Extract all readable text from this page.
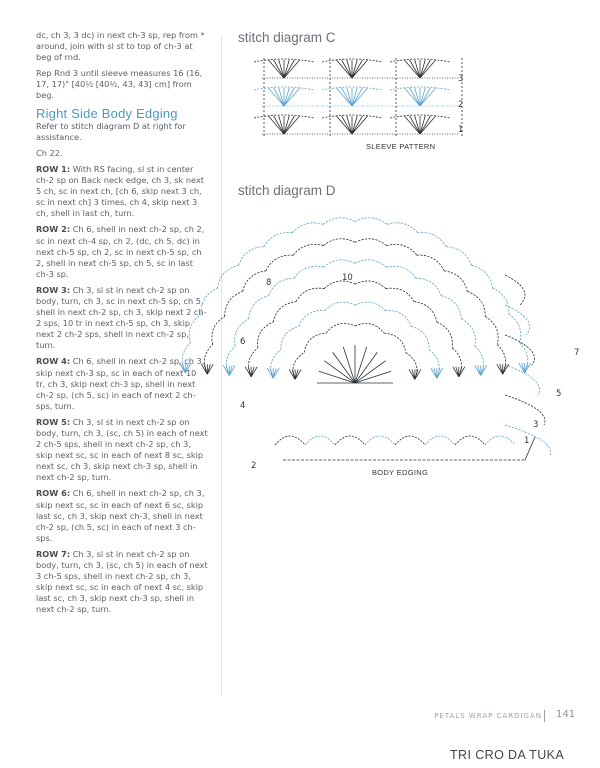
dc, ch 3, 3 dc) in next ch-3 sp, rep from * around, join with sl st to top of ch-3 at beg of rnd.

Rep Rnd 3 until sleeve measures 16 (16, 17, 17)" [40½ [40½, 43, 43] cm] from beg.

Right Side Body Edging

Refer to stitch diagram D at right for assistance.

Ch 22.

ROW 1: With RS facing, sl st in center ch-2 sp on Back neck edge, ch 3, sk next 5 ch, sc in next ch, [ch 6, skip next 3 ch, sc in next ch] 3 times, ch 4, skip next 3 ch, shell in last ch, turn.

ROW 2: Ch 6, shell in next ch-2 sp, ch 2, sc in next ch-4 sp, ch 2, (dc, ch 5, dc) in next ch-5 sp, ch 2, sc in next ch-5 sp, ch 2, shell in next ch-5 sp, ch 5, sc in last ch-3 sp.

ROW 3: Ch 3, sl st in next ch-2 sp on body, turn, ch 3, sc in next ch-5 sp, ch 5, shell in next ch-2 sp, ch 3, skip next 2 ch-2 sps, 10 tr in next ch-5 sp, ch 3, skip next 2 ch-2 sps, shell in next ch-2 sp, turn.

ROW 4: Ch 6, shell in next ch-2 sp, ch 3, skip next ch-3 sp, sc in each of next 10 tr, ch 3, skip next ch-3 sp, shell in next ch-2 sp, (ch 5, sc) in each of next 2 ch-sps, turn.

ROW 5: Ch 3, sl st in next ch-2 sp on body, turn, ch 3, (sc, ch 5) in each of next 2 ch-5 sps, shell in next ch-2 sp, ch 3, skip next sc, sc in each of next 8 sc, skip next sc, ch 3, skip next ch-3 sp, shell in next ch-2 sp, turn.

ROW 6: Ch 6, shell in next ch-2 sp, ch 3, skip next sc, sc in each of next 6 sc, skip last sc, ch 3, skip next ch-3, shell in next ch-2 sp, (ch 5, sc) in each of next 3 ch-sps.

ROW 7: Ch 3, sl st in next ch-2 sp on body, turn, ch 3, (sc, ch 5) in each of next 3 ch-5 sps, shell in next ch-2 sp, ch 3, skip next sc, sc in each of next 4 sc, skip last sc, ch 3, skip next ch-3 sp, shell in next ch-2 sp, turn.

stitch diagram C
3
2
1
SLEEVE PATTERN
stitch diagram D
1
2
3
4
5
6
7
8	10
BODY EDGING
PETALS WRAP CARDIGAN 141
TRI CRO DA TUKA
